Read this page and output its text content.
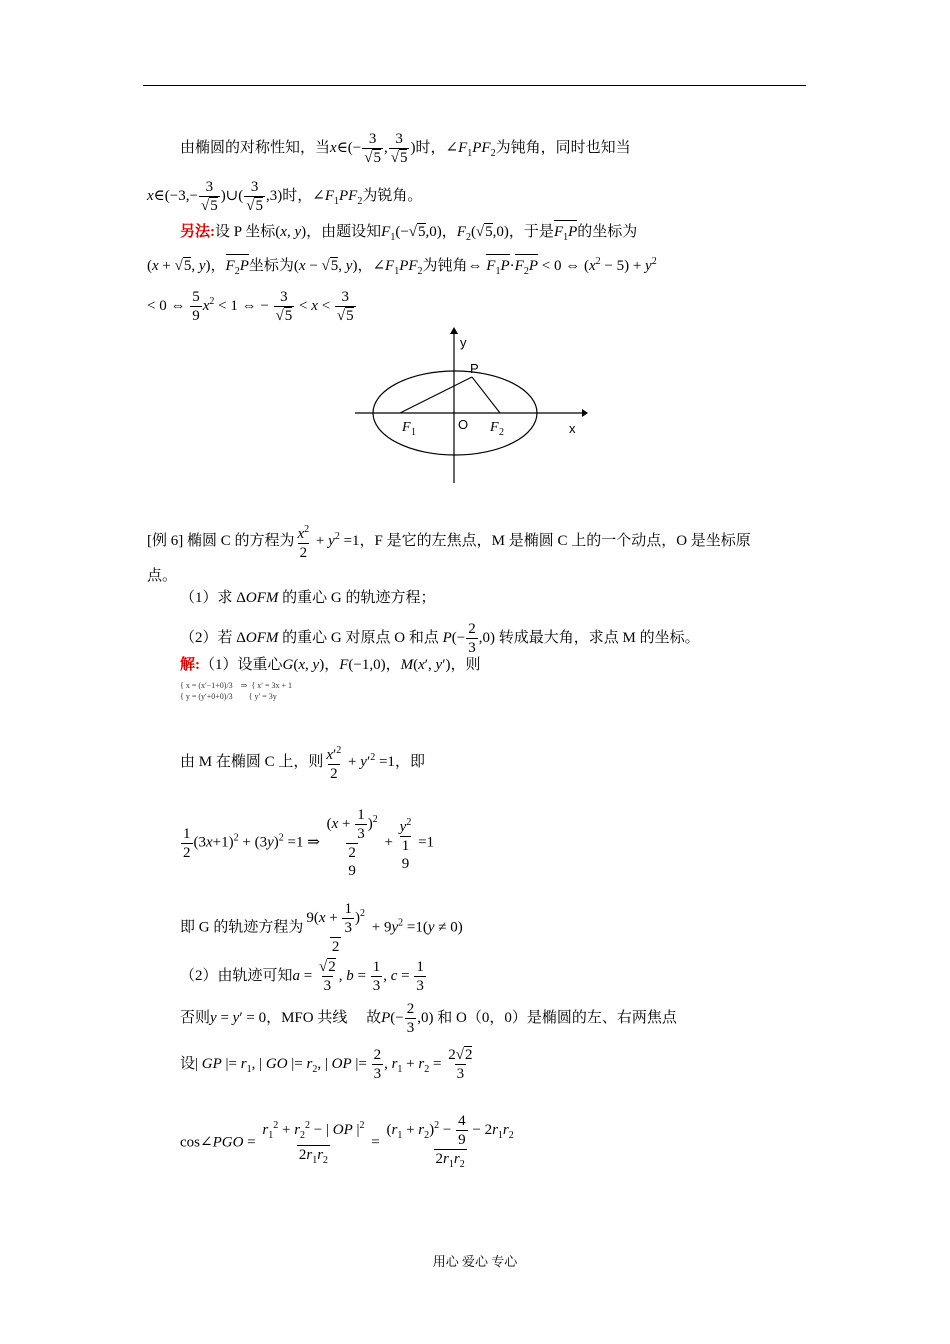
由椭圆的对称性知，当x∈(− $\frac{3}{√5}$ , $\frac{3}{√5}$ )时，$\angle F_1PF_2$为钝角，同时也知当
x∈(−3,− $\frac{3}{√5}$ )∪( $\frac{3}{√5} ,3$)时，$\angle F_1PF_2$为锐角。
另法:设 P 坐标(x, y)，由题设知$F_1(-√5,0)$，$F_2(√5,0)$，于是$F_1P$的坐标为
(x + √5, y)，$F_2P$坐标为(x − √5, y)，$\angle F_1PF_2$为钝角⇔ $F_1P\cdot F_2P < 0$ ⇔ $(x^2 - 5) + y^2$
< 0 ⇔ $\frac{5}{9} x^2 < 1$ ⇔ − $\frac{3}{√5} < x < \frac{3}{√5}$
y
x
O
P
F 1	F 2
[例 6] 椭圆 C 的方程为 $\frac{x^2}{2} + y^2 =1$，F 是它的左焦点，M 是椭圆 C 上的一个动点，O 是坐标原
点。
（1）求 ΔOFM 的重心 G 的轨迹方程；
（2）若 ΔOFM 的重心 G 对原点 O 和点 $P(- \frac{2}{3} ,0)$ 转成最大角，求点 M 的坐标。
解:（1）设重心G(x, y)，F(−1,0)，M(x′, y′)，则
{ x = (x′−1+0)/3    ⇒  { x′ = 3x + 1
{ y = (y′+0+0)/3        { y′ = 3y
由 M 在椭圆 C 上，则 $\frac{x'^2}{2} + y'^2 =1$，即
$\frac{1}{2} (3x+1)^2 + (3y)^2 =1$ ⇒
$(x + \frac{1}{3} )^2$
2
9
+
$y^2$
1
9
=1
即 G 的轨迹方程为 $\frac{9(x + \frac{1}{3} )^2}{2} + 9y^2 =1(y \ne 0)$
（2）由轨迹可知$a = \frac{√2}{3}$ , $b = \frac{1}{3}$ , $c = \frac{1}{3}$
否则y = y′ = 0，MFO 共线　 故$P(- \frac{2}{3} ,0)$ 和 O（0，0）是椭圆的左、右两焦点
设| GP |= $r_1$, | GO |= $r_2$, | OP |= $\frac{2}{3}$ , $r_1 + r_2 = \frac{2√2}{3}$
cos∠PGO = $\frac{r_1^2 + r_2^2 - | OP |^2}{2r_1r_2} = \frac{(r_1 + r_2)^2 - \frac{4}{9} - 2r_1r_2}{2r_1r_2}$
用心 爱心 专心
